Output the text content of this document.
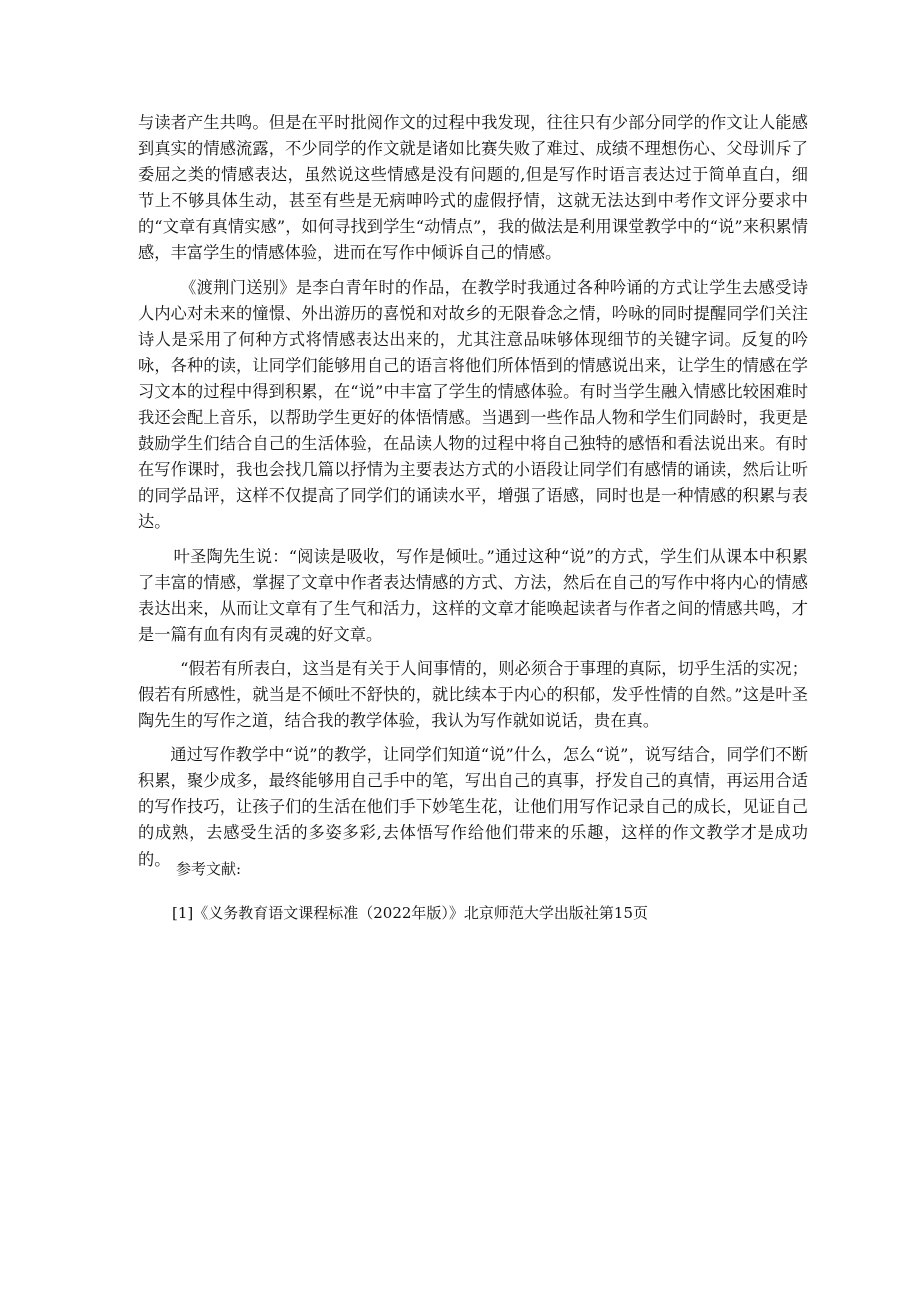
与读者产生共鸣。但是在平时批阅作文的过程中我发现，往往只有少部分同学的作文让人能感到真实的情感流露，不少同学的作文就是诸如比赛失败了难过、成绩不理想伤心、父母训斥了委屈之类的情感表达，虽然说这些情感是没有问题的,但是写作时语言表达过于简单直白，细节上不够具体生动，甚至有些是无病呻吟式的虚假抒情，这就无法达到中考作文评分要求中的“文章有真情实感”，如何寻找到学生“动情点”，我的做法是利用课堂教学中的“说”来积累情感，丰富学生的情感体验，进而在写作中倾诉自己的情感。

《渡荆门送别》是李白青年时的作品，在教学时我通过各种吟诵的方式让学生去感受诗人内心对未来的憧憬、外出游历的喜悦和对故乡的无限眷念之情，吟咏的同时提醒同学们关注诗人是采用了何种方式将情感表达出来的，尤其注意品味够体现细节的关键字词。反复的吟咏，各种的读，让同学们能够用自己的语言将他们所体悟到的情感说出来，让学生的情感在学习文本的过程中得到积累，在“说”中丰富了学生的情感体验。有时当学生融入情感比较困难时我还会配上音乐，以帮助学生更好的体悟情感。当遇到一些作品人物和学生们同龄时，我更是鼓励学生们结合自己的生活体验，在品读人物的过程中将自己独特的感悟和看法说出来。有时在写作课时，我也会找几篇以抒情为主要表达方式的小语段让同学们有感情的诵读，然后让听的同学品评，这样不仅提高了同学们的诵读水平，增强了语感，同时也是一种情感的积累与表达。

叶圣陶先生说：“阅读是吸收，写作是倾吐。”通过这种“说”的方式，学生们从课本中积累了丰富的情感，掌握了文章中作者表达情感的方式、方法，然后在自己的写作中将内心的情感表达出来，从而让文章有了生气和活力，这样的文章才能唤起读者与作者之间的情感共鸣，才是一篇有血有肉有灵魂的好文章。

“假若有所表白，这当是有关于人间事情的，则必须合于事理的真际，切乎生活的实况；假若有所感性，就当是不倾吐不舒快的，就比续本于内心的积郁，发乎性情的自然。”这是叶圣陶先生的写作之道，结合我的教学体验，我认为写作就如说话，贵在真。

通过写作教学中“说”的教学，让同学们知道“说”什么，怎么“说”，说写结合，同学们不断积累，聚少成多，最终能够用自己手中的笔，写出自己的真事，抒发自己的真情，再运用合适的写作技巧，让孩子们的生活在他们手下妙笔生花，让他们用写作记录自己的成长，见证自己的成熟，去感受生活的多姿多彩,去体悟写作给他们带来的乐趣，这样的作文教学才是成功的。

参考文献:
[1]《义务教育语文课程标准（2022年版）》北京师范大学出版社第15页
